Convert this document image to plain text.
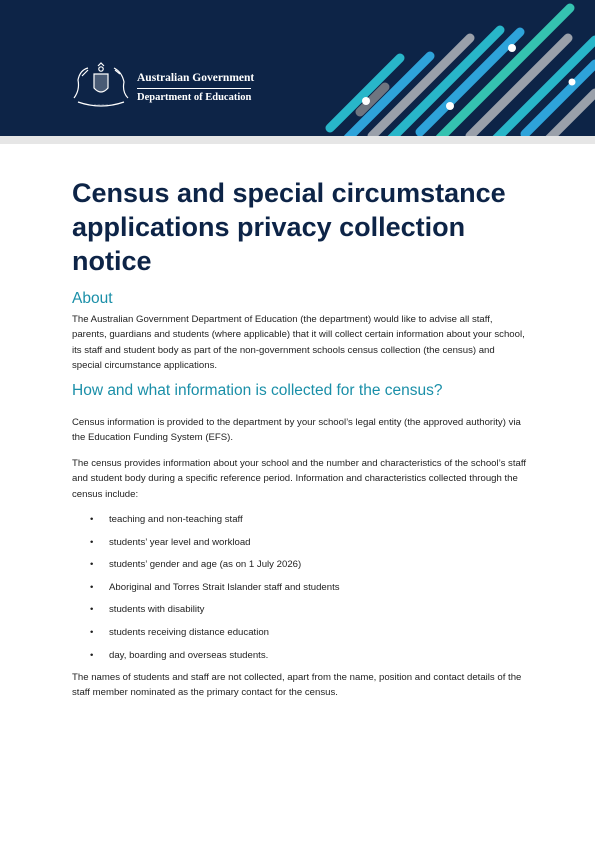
···········
Australian Government
Department of Education
Census and special circumstance applications privacy collection notice
About

The Australian Government Department of Education (the department) would like to advise all staff, parents, guardians and students (where applicable) that it will collect certain information about your school, its staff and student body as part of the non-government schools census collection (the census) and special circumstance applications.

How and what information is collected for the census?

Census information is provided to the department by your school’s legal entity (the approved authority) via the Education Funding System (EFS).

The census provides information about your school and the number and characteristics of the school’s staff and student body during a specific reference period. Information and characteristics collected through the census include:

• teaching and non-teaching staff
• students’ year level and workload
• students’ gender and age (as on 1 July 2026)
• Aboriginal and Torres Strait Islander staff and students
• students with disability
• students receiving distance education
• day, boarding and overseas students.

The names of students and staff are not collected, apart from the name, position and contact details of the staff member nominated as the primary contact for the census.
